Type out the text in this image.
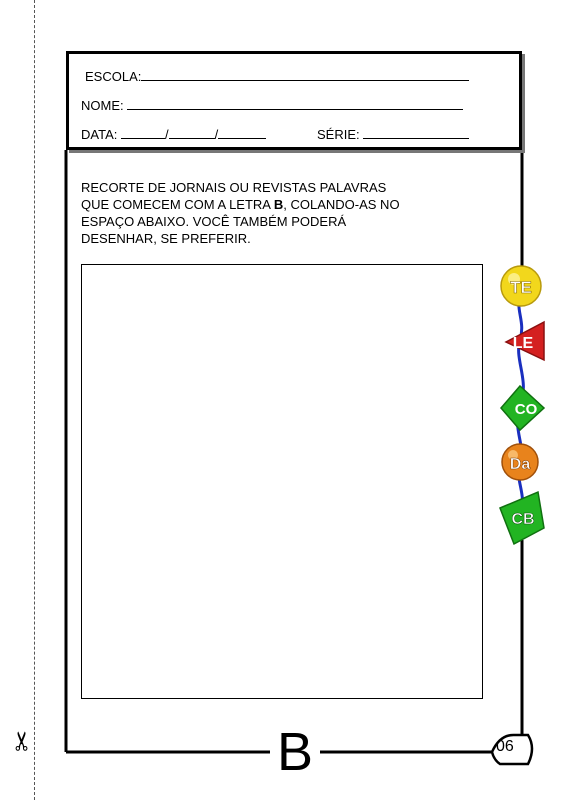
✂
TE
LE
CO
Da
CB
ESCOLA:
NOME:
DATA:	/	/	SÉRIE:
RECORTE DE JORNAIS OU REVISTAS PALAVRAS
QUE COMECEM COM A LETRA B, COLANDO-AS NO
ESPAÇO ABAIXO. VOCÊ TAMBÉM PODERÁ
DESENHAR, SE PREFERIR.
B	06
